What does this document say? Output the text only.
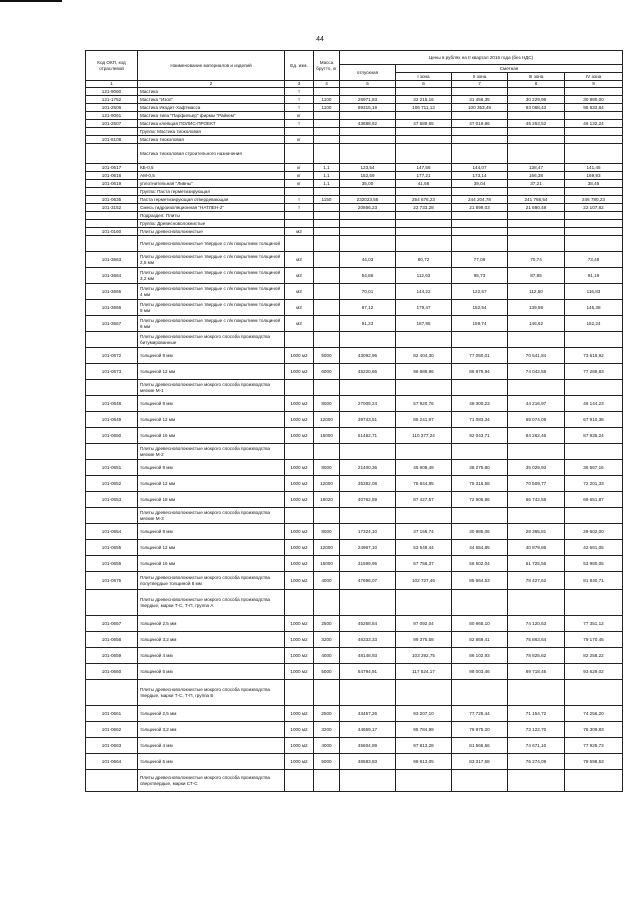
44
Код ОКП, код отраслевой	Наименование материалов и изделий	Ед. изм.	Масса брутто, кг	Цены в рублях на II квартал 2016 года (без НДС)				
				отпускная	Сметная			
					I зона	II зона	III зона	IV зона
1	2	3	4	5	6	7	8	9
121-9060	Мастика	т						
121-1752	Мастика "Изол"	т	1100	26971,83	32 215,16	31 456,35	30 229,98	30 880,00
101-2506	Мастика Икодит-Хафтмасса	т	1100	89315,19	106 711,13	100 353,49	93 068,43	95 833,84
121-9061	Мастика типа "Парфильер" фирмы "Райкем"	кг						
101-2507	Мастика клеящая ПОЛИС-ПРОЕКТ	т		43688,62	47 689,65	47 019,96	45 253,52	46 132,24
	Группа: Мастика тиоколовая							
101-8108	Мастика тиоколовая	кг						
	Мастика тиоколовая строительного назначения							
101-0617	КБ-0,5	кг	1,1	123,54	147,56	144,07	138,47	141,45
101-0618	АМ-0,5	кг	1,1	152,59	177,21	173,14	166,38	169,93
101-0619	уплотнительная "Ливны"	кг	1,1	35,00	41,66	39,04	37,21	38,45
	Группа: Паста герметизирующая							
101-0635	Паста герметизирующая отвердевающая	т	1150	232023,55	254 676,23	244 204,78	241 768,54	246 780,23
101-3152	Смесь гидроизоляционная "НАТЛЕН-2"	т		20866,23	22 733,28	21 899,03	21 690,48	22 107,82
	Подраздел: Плиты							
	Группа: Древесноволокнистые							
101-0160	Плиты древесноволокнистые	м2						
	Плиты древесноволокнистые твердые с л/к покрытием толщиной							
101-3663	Плиты древесноволокнистые твердые с л/к покрытием толщиной 2,5 мм	м2		44,03	80,72	77,09	70,74	73,48
101-3664	Плиты древесноволокнистые твердые с л/к покрытием толщиной 3,2 мм	м2		54,86	112,63	95,73	87,85	91,19
101-3665	Плиты древесноволокнистые твердые с л/к покрытием толщиной 4 мм	м2		70,01	144,22	122,57	112,50	116,83
101-3666	Плиты древесноволокнистые твердые с л/к покрытием толщиной 5 мм	м2		87,12	179,47	152,54	139,98	145,38
101-3667	Плиты древесноволокнистые твердые с л/к покрытием толщиной 6 мм	м2		91,23	187,95	159,74	146,62	152,24
	Плиты древесноволокнистые мокрого способа производства битумированные							
101-0672	толщиной 8 мм	1000 м2	5000	43092,96	82 404,30	77 050,01	70 541,84	73 616,92
101-0673	толщиной 12 мм	1000 м2	6000	45220,86	96 889,96	86 879,94	74 042,58	77 289,83
	Плиты древесноволокнистые мокрого способа производства мягкие М-1							
101-0648	толщиной 8 мм	1000 м2	8000	27005,24	57 920,76	48 300,23	44 216,97	46 144,23
101-0649	толщиной 12 мм	1000 м2	12000	39743,51	85 241,97	71 083,34	65 074,09	67 910,38
101-0650	толщиной 16 мм	1000 м2	16000	51482,71	110 377,24	92 043,71	84 262,46	87 935,24
	Плиты древесноволокнистые мокрого способа производства мягкие М-2							
101-0651	толщиной 8 мм	1000 м2	8000	21400,36	45 609,49	38 275,80	35 029,93	36 567,16
101-0652	толщиной 12 мм	1000 м2	12000	35382,08	75 844,85	75 316,58	70 509,77	72 201,33
101-0653	толщиной 18 мм	1000 м2	18020	40762,59	87 427,57	72 905,86	66 742,58	69 651,87
	Плиты древесноволокнистые мокрого способа производства мягкие М-3							
101-0654	толщиной 8 мм	1000 м2	8000	17324,10	37 156,74	30 985,06	28 365,81	29 602,00
101-0655	толщиной 12 мм	1000 м2	12000	24967,10	53 549,44	44 654,85	40 879,86	42 661,05
101-0656	толщиной 16 мм	1000 м2	16000	31599,95	67 756,37	56 502,04	51 725,56	53 980,05
101-0675	Плиты древесноволокнистые мокрого способа производства полутвердые толщиной 8 мм	1000 м2	4000	47696,07	102 727,46	85 664,53	78 427,62	81 840,71
	Плиты древесноволокнистые мокрого способа производства твердые, марки Т-С, Т-П, группа А							
101-0657	толщиной 2,5 мм	1000 м2	2500	45268,64	97 092,04	80 965,10	74 120,53	77 351,12
101-0658	толщиной 3,2 мм	1000 м2	3200	46333,33	99 375,58	82 869,41	75 863,64	79 170,45
101-0659	толщиной 4 мм	1000 м2	4000	48148,93	103 292,75	86 102,93	78 825,62	82 258,22
101-0660	толщиной 5 мм	1000 м2	5000	54794,91	117 524,17	98 003,46	89 718,45	93 629,02
	Плиты древесноволокнистые мокрого способа производства твердые, марки Т-С, Т-П, группа Б							
101-0661	толщиной 2,5 мм	1000 м2	2500	43457,26	93 207,10	77 725,44	71 154,72	74 256,20
101-0662	толщиной 3,2 мм	1000 м2	3200	44659,17	95 784,99	79 875,20	73 122,70	76 309,83
101-0663	толщиной 4 мм	1000 м2	4000	45604,89	97 813,28	81 566,56	74 671,10	77 925,73
101-0664	толщиной 5 мм	1000 м2	5000	46583,83	99 913,05	83 317,58	76 274,09	79 598,53
	Плиты древесноволокнистые мокрого способа производства сверхтвердые, марки СТ-С							
